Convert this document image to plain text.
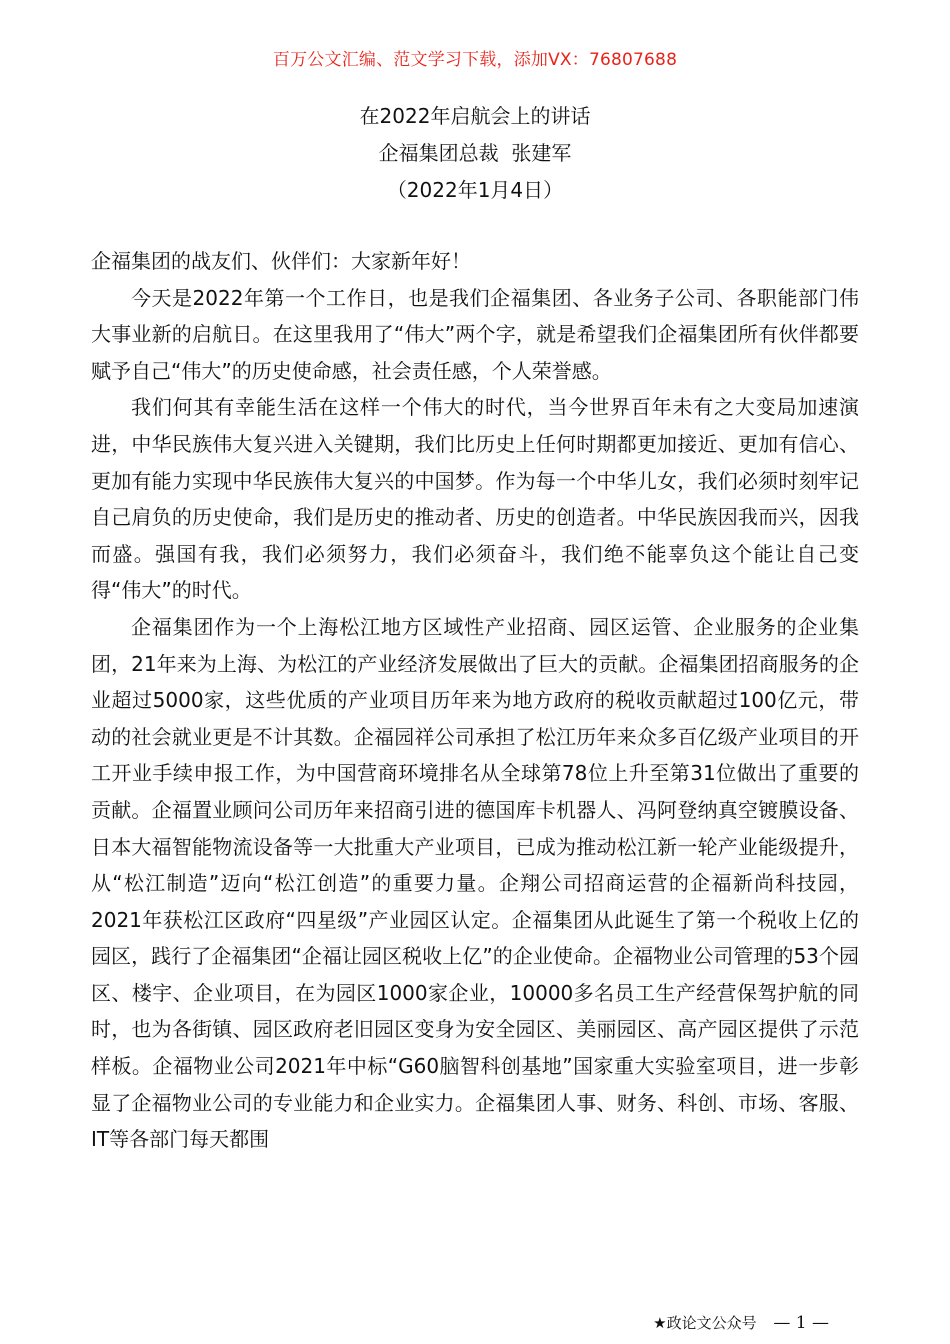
百万公文汇编、范文学习下载，添加VX：76807688
在2022年启航会上的讲话
企福集团总裁  张建军
（2022年1月4日）

企福集团的战友们、伙伴们：大家新年好！

今天是2022年第一个工作日，也是我们企福集团、各业务子公司、各职能部门伟大事业新的启航日。在这里我用了“伟大”两个字，就是希望我们企福集团所有伙伴都要赋予自己“伟大”的历史使命感，社会责任感，个人荣誉感。

我们何其有幸能生活在这样一个伟大的时代，当今世界百年未有之大变局加速演进，中华民族伟大复兴进入关键期，我们比历史上任何时期都更加接近、更加有信心、更加有能力实现中华民族伟大复兴的中国梦。作为每一个中华儿女，我们必须时刻牢记自己肩负的历史使命，我们是历史的推动者、历史的创造者。中华民族因我而兴，因我而盛。强国有我，我们必须努力，我们必须奋斗，我们绝不能辜负这个能让自己变得“伟大”的时代。

企福集团作为一个上海松江地方区域性产业招商、园区运管、企业服务的企业集团，21年来为上海、为松江的产业经济发展做出了巨大的贡献。企福集团招商服务的企业超过5000家，这些优质的产业项目历年来为地方政府的税收贡献超过100亿元，带动的社会就业更是不计其数。企福园祥公司承担了松江历年来众多百亿级产业项目的开工开业手续申报工作，为中国营商环境排名从全球第78位上升至第31位做出了重要的贡献。企福置业顾问公司历年来招商引进的德国库卡机器人、冯阿登纳真空镀膜设备、日本大福智能物流设备等一大批重大产业项目，已成为推动松江新一轮产业能级提升，从“松江制造”迈向“松江创造”的重要力量。企翔公司招商运营的企福新尚科技园，2021年获松江区政府“四星级”产业园区认定。企福集团从此诞生了第一个税收上亿的园区，践行了企福集团“企福让园区税收上亿”的企业使命。企福物业公司管理的53个园区、楼宇、企业项目，在为园区1000家企业，10000多名员工生产经营保驾护航的同时，也为各街镇、园区政府老旧园区变身为安全园区、美丽园区、高产园区提供了示范样板。企福物业公司2021年中标“G60脑智科创基地”国家重大实验室项目，进一步彰显了企福物业公司的专业能力和企业实力。企福集团人事、财务、科创、市场、客服、IT等各部门每天都围

★政论文公众号 — 1 —
